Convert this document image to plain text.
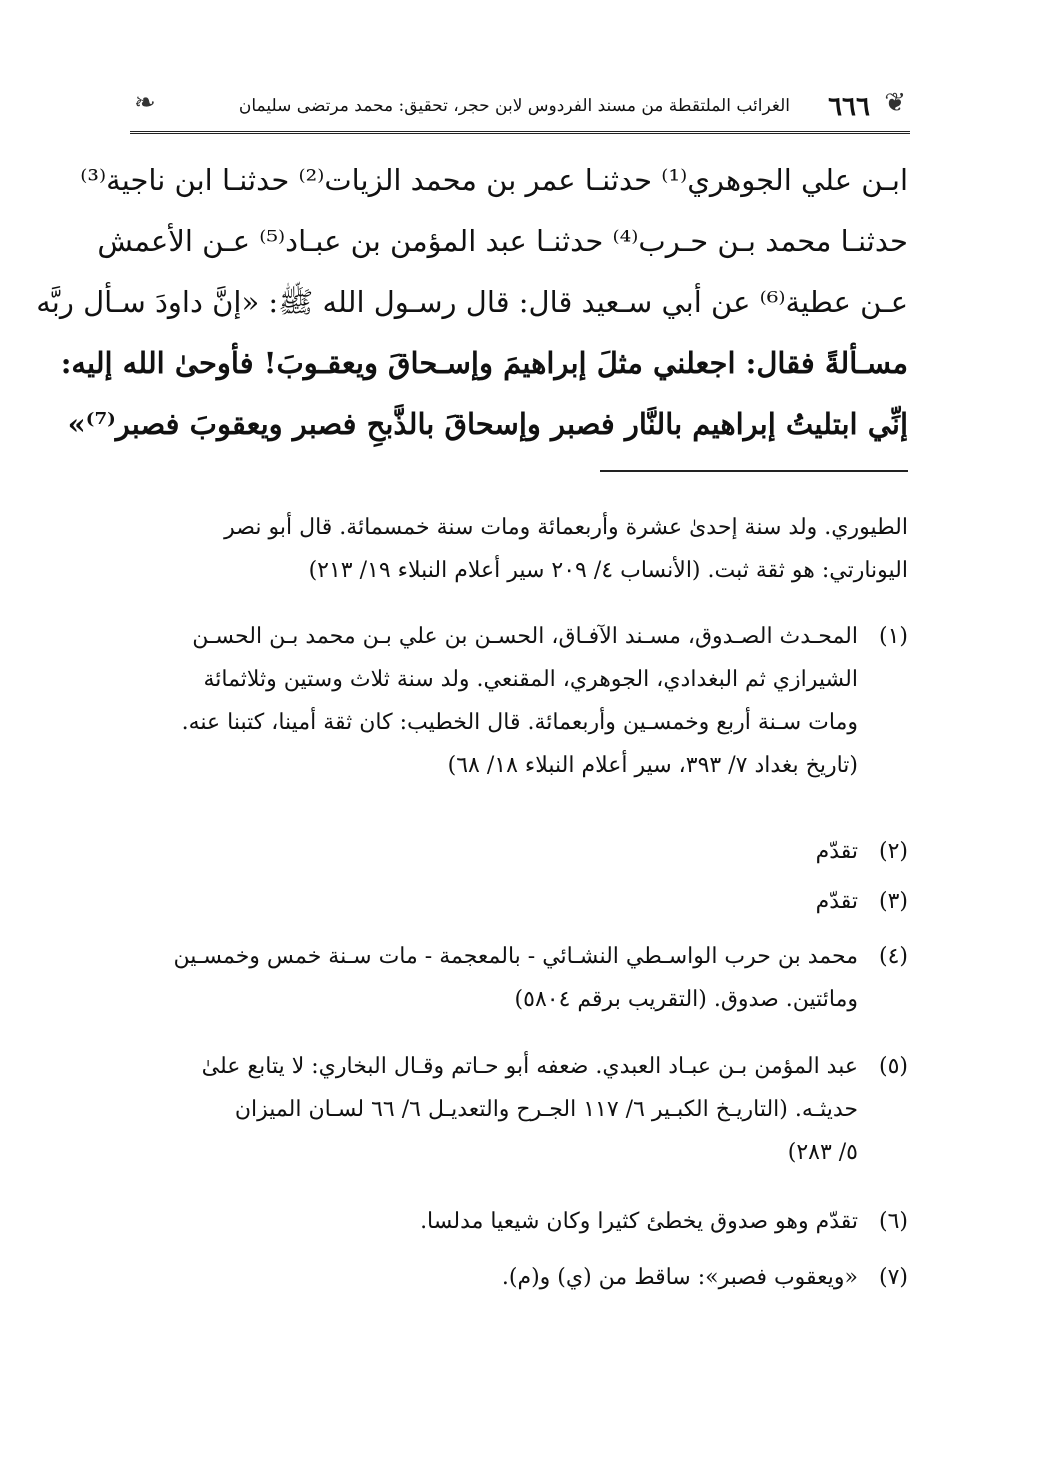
❦
٦٦٦
الغرائب الملتقطة من مسند الفردوس لابن حجر، تحقيق: محمد مرتضى سليمان
❧
ابـن علي الجوهري⁽¹⁾ حدثنـا عمر بن محمد الزيات⁽²⁾ حدثنـا ابن ناجية⁽³⁾
حدثنـا محمد بـن حـرب⁽⁴⁾ حدثنـا عبد المؤمن بن عبـاد⁽⁵⁾ عـن الأعمش
عـن عطية⁽⁶⁾ عن أبي سـعيد قال: قال رسـول الله ﷺ: «إنَّ داودَ سـأل ربَّه
مسـألةً فقال: اجعلني مثلَ إبراهيمَ وإسـحاقَ ويعقـوبَ! فأوحىٰ الله إليه:
إنِّي ابتليتُ إبراهيم بالنَّار فصبر وإسحاقَ بالذَّبحِ فصبر ويعقوبَ فصبر⁽⁷⁾»
الطيوري. ولد سنة إحدىٰ عشرة وأربعمائة ومات سنة خمسمائة. قال أبو نصر
اليونارتي: هو ثقة ثبت. (الأنساب ٤/ ٢٠٩ سير أعلام النبلاء ١٩/ ٢١٣)
(١)
المحـدث الصـدوق، مسـند الآفـاق، الحسـن بن علي بـن محمد بـن الحسـن
الشيرازي ثم البغدادي، الجوهري، المقنعي. ولد سنة ثلاث وستين وثلاثمائة
ومات سـنة أربع وخمسـين وأربعمائة. قال الخطيب: كان ثقة أمينا، كتبنا عنه.
(تاريخ بغداد ٧/ ٣٩٣، سير أعلام النبلاء ١٨/ ٦٨)
(٢)
تقدّم
(٣)
تقدّم
(٤)
محمد بن حرب الواسـطي النشـائي - بالمعجمة - مات سـنة خمس وخمسـين
ومائتين. صدوق. (التقريب برقم ٥٨٠٤)
(٥)
عبد المؤمن بـن عبـاد العبدي. ضعفه أبو حـاتم وقـال البخاري: لا يتابع علىٰ
حديثـه. (التاريـخ الكبـير ٦/ ١١٧ الجـرح والتعديـل ٦/ ٦٦ لسـان الميزان
٥/ ٢٨٣)
(٦)
تقدّم وهو صدوق يخطئ كثيرا وكان شيعيا مدلسا.
(٧)
«ويعقوب فصبر»: ساقط من (ي) و(م).
